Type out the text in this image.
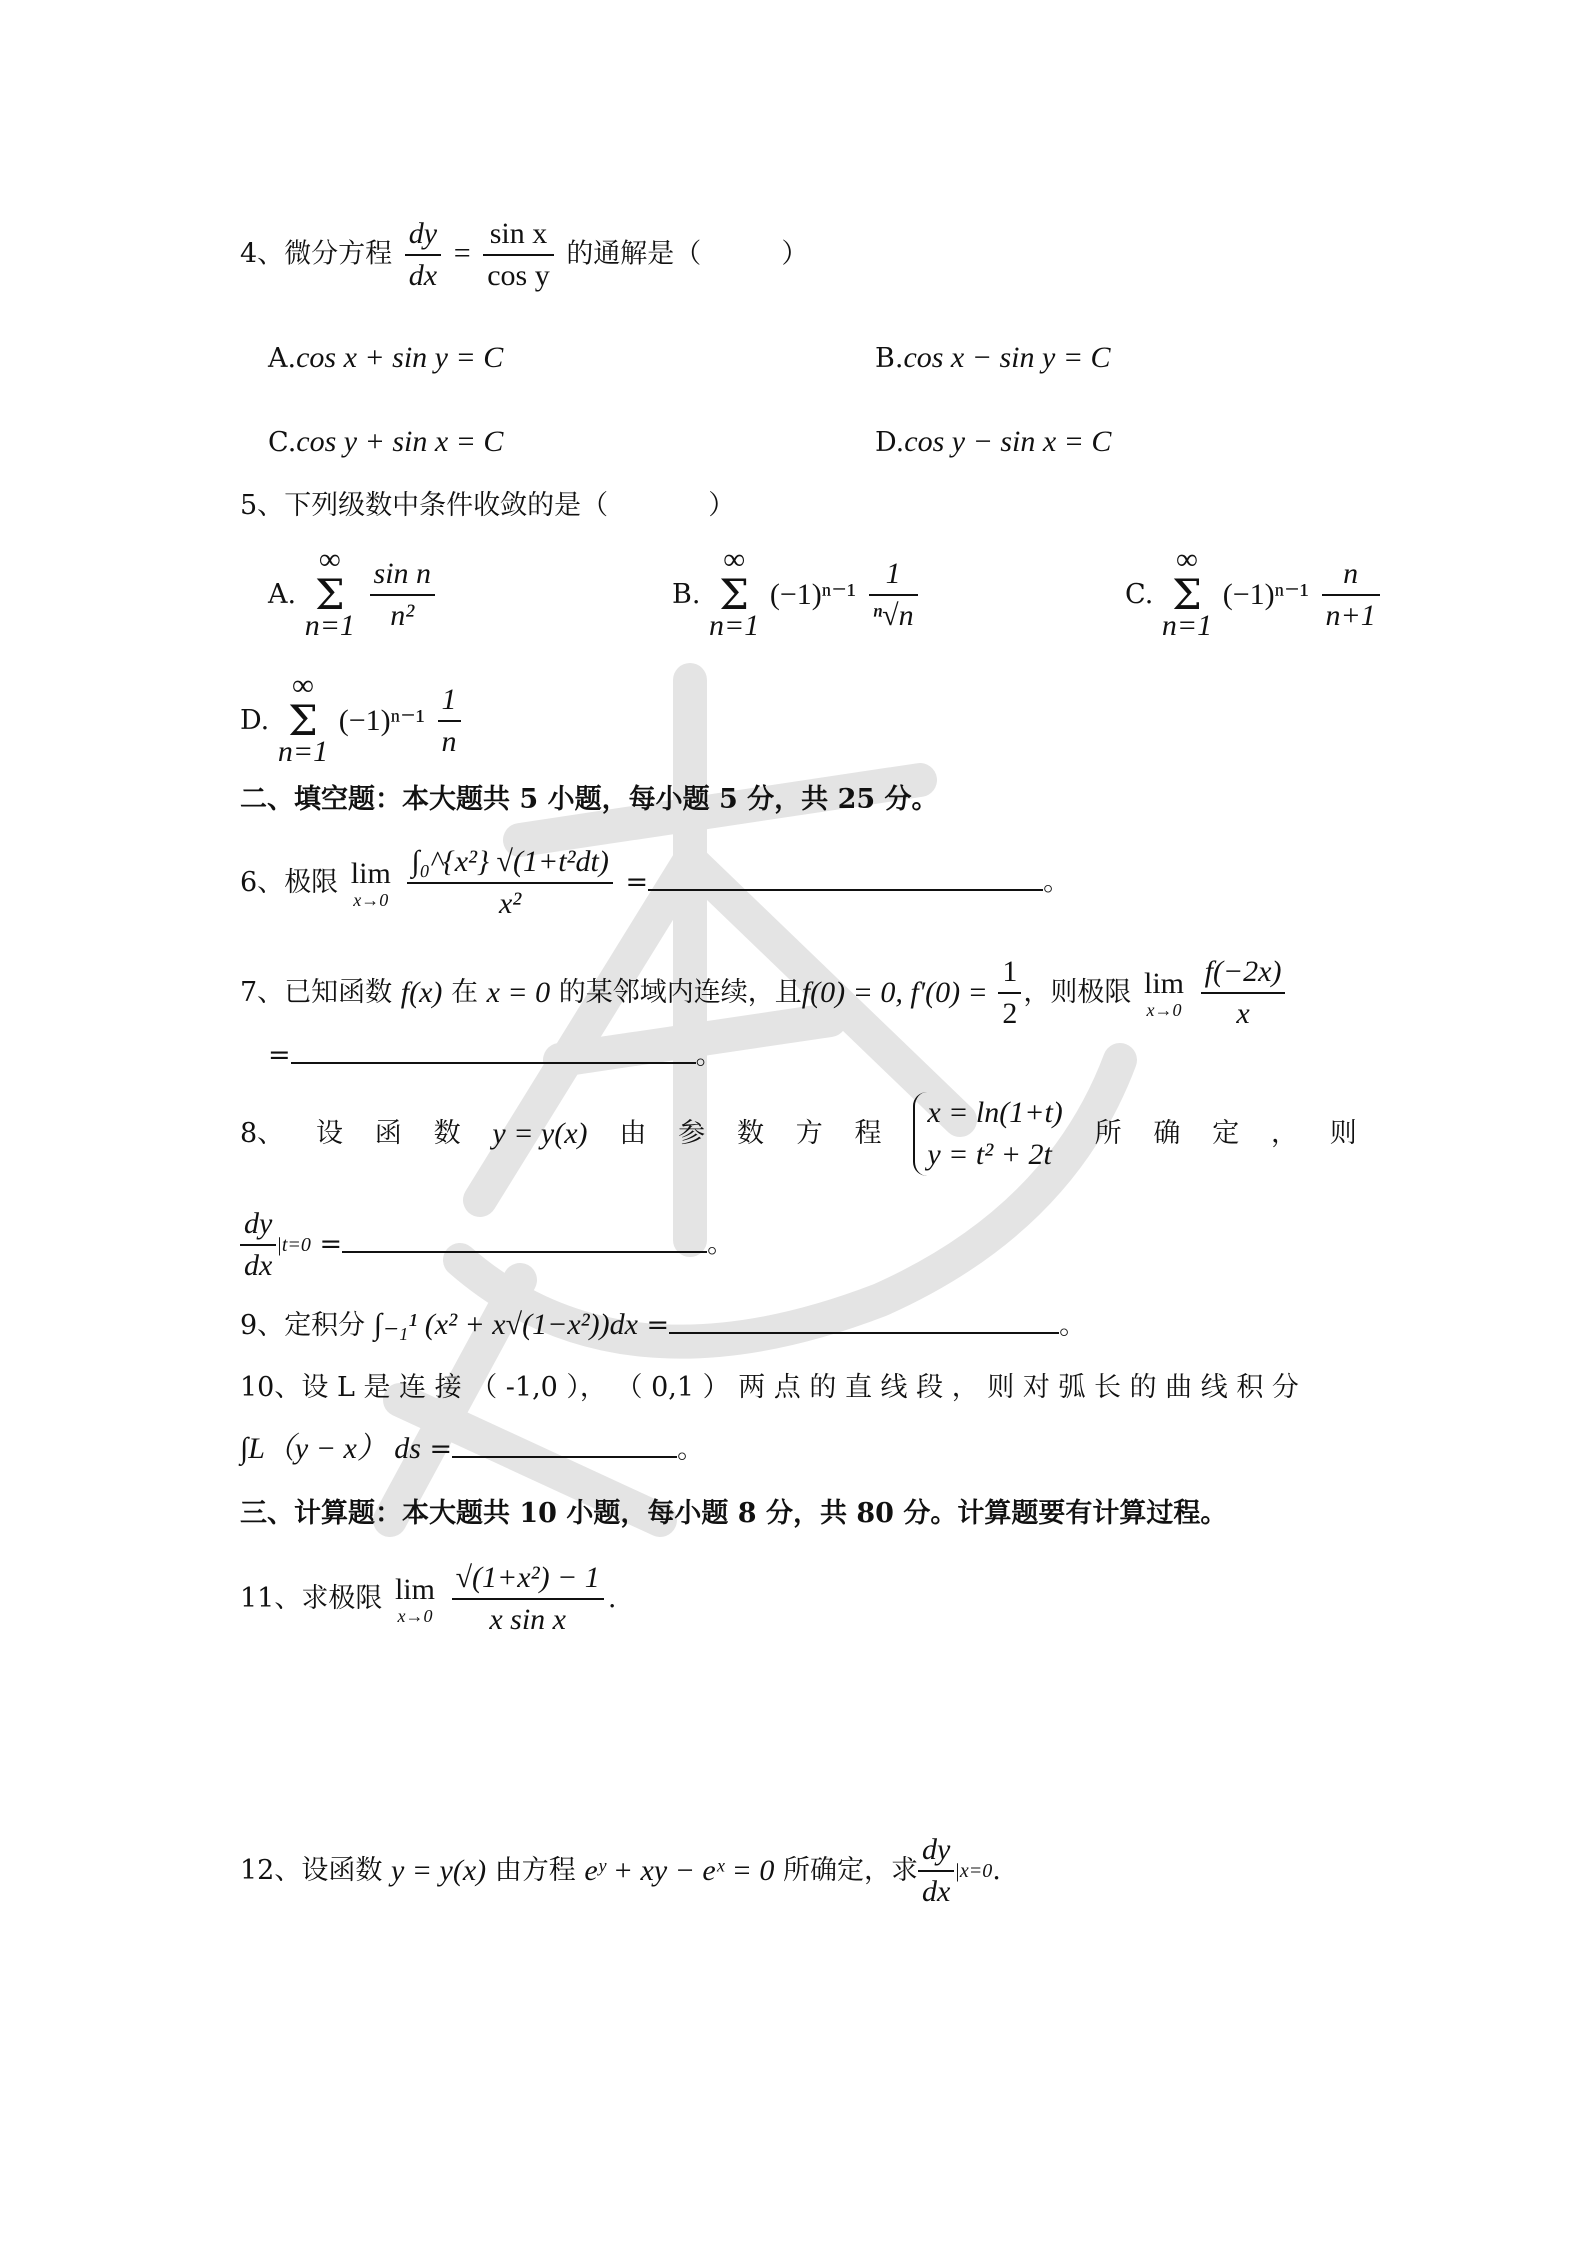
4、微分方程 $\frac{dy}{dx} = \frac{\text{sin x}}{\text{cos y}}$ 的通解是（	）
A.cos x + sin y = C	B.cos x − sin y = C
C.cos y + sin x = C	D.cos y − sin x = C
5、下列级数中条件收敛的是（	）
A. ∞
Σ
$n=1 \frac{\text{sin n}}{\text{n²}}$	B. ∞
Σ
n=1 $(-1)^{n-1} \frac{1}{\text{ⁿ√n}}$	C. ∞
Σ
n=1 $(-1)^{n-1} \frac{n}{n+1}$
D. ∞
Σ
n=1 $(-1)^{n-1} \frac{1}{n}$
二、填空题：本大题共 5 小题，每小题 5 分，共 25 分。
6、极限 lim
x→0
$\frac{\text{∫₀\textasciicircum{}\{x²\} √(1+t²dt)}}{\text{x²}}$ =	。
7、已知函数 f(x) 在 x = 0 的某邻域内连续，且f(0) = 0, $f'(0) = \frac{1}{2}$ ，则极限 lim
x→0
$\frac{f(-2x)}{x}$
=	。
8、 设 函 数 y = y(x) 由 参 数 方 程
x = ln(1+t)
y = t² + 2t
所 确 定 ， 则
$\frac{dy}{dx} |t=0$ =	。
9、定积分 ∫₋₁¹ (x² + x√(1−x²))dx =	。
10、设 L 是 连 接 （ -1,0 ）， （ 0,1 ） 两 点 的 直 线 段 ， 则 对 弧 长 的 曲 线 积 分
∫L（y − x） ds =	。
三、计算题：本大题共 10 小题，每小题 8 分，共 80 分。计算题要有计算过程。
11、求极限 lim
x→0
$\frac{\text{√(1+x²) − 1}}{\text{x sin x}}$ .
12、设函数 y = y(x) 由方程 eʸ + xy − eˣ = 0 所确定，求 $\frac{dy}{dx} |x=0$.
